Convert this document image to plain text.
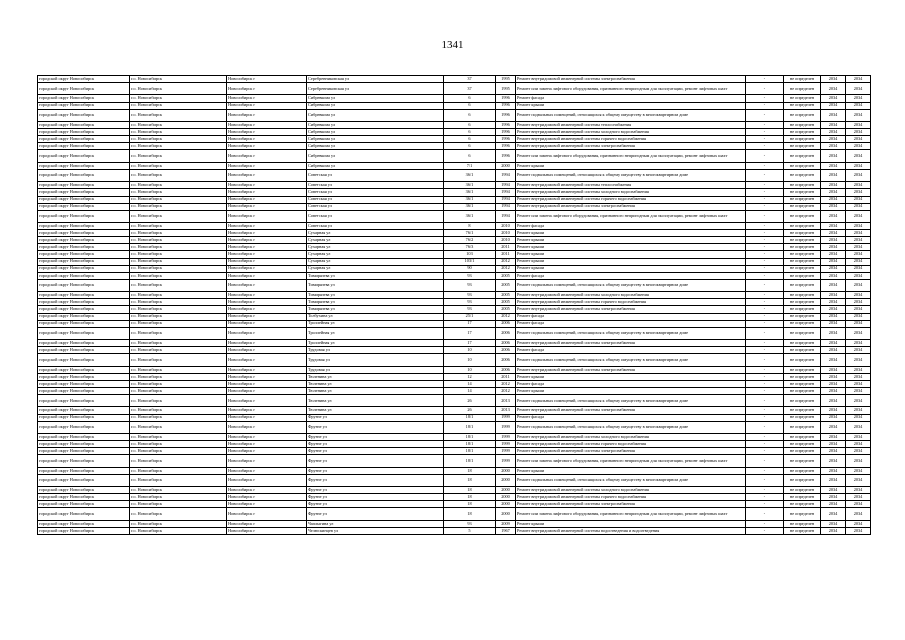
1341
городской округ Новосибирск	г.о. Новосибирск	Новосибирск г	Серебренниковская ул	37	1995	Ремонт внутридомовой инженерной системы электроснабжения	-	не определен	2034	2034
городской округ Новосибирск	г.о. Новосибирск	Новосибирск г	Серебренниковская ул	37	1995	Ремонт или замена лифтового оборудования, признанного непригодным для эксплуатации, ремонт лифтовых шахт	-	не определен	2034	2034
городской округ Новосибирск	г.о. Новосибирск	Новосибирск г	Сибревкома ул	6	1996	Ремонт фасада	-	не определен	2034	2034
городской округ Новосибирск	г.о. Новосибирск	Новосибирск г	Сибревкома ул	6	1996	Ремонт крыши	-	не определен	2034	2034
городской округ Новосибирск	г.о. Новосибирск	Новосибирск г	Сибревкома ул	6	1996	Ремонт подвальных помещений, относящихся к общему имуществу в многоквартирном доме	-	не определен	2034	2034
городской округ Новосибирск	г.о. Новосибирск	Новосибирск г	Сибревкома ул	6	1996	Ремонт внутридомовой инженерной системы теплоснабжения	-	не определен	2034	2034
городской округ Новосибирск	г.о. Новосибирск	Новосибирск г	Сибревкома ул	6	1996	Ремонт внутридомовой инженерной системы холодного водоснабжения	-	не определен	2034	2034
городской округ Новосибирск	г.о. Новосибирск	Новосибирск г	Сибревкома ул	6	1996	Ремонт внутридомовой инженерной системы горячего водоснабжения	-	не определен	2034	2034
городской округ Новосибирск	г.о. Новосибирск	Новосибирск г	Сибревкома ул	6	1996	Ремонт внутридомовой инженерной системы электроснабжения	-	не определен	2034	2034
городской округ Новосибирск	г.о. Новосибирск	Новосибирск г	Сибревкома ул	6	1996	Ремонт или замена лифтового оборудования, признанного непригодным для эксплуатации, ремонт лифтовых шахт	-	не определен	2034	2034
городской округ Новосибирск	г.о. Новосибирск	Новосибирск г	Сибревкома ул	7/1	2000	Ремонт крыши	-	не определен	2034	2034
городской округ Новосибирск	г.о. Новосибирск	Новосибирск г	Советская ул	36/1	1994	Ремонт подвальных помещений, относящихся к общему имуществу в многоквартирном доме	-	не определен	2034	2034
городской округ Новосибирск	г.о. Новосибирск	Новосибирск г	Советская ул	36/1	1994	Ремонт внутридомовой инженерной системы теплоснабжения	-	не определен	2034	2034
городской округ Новосибирск	г.о. Новосибирск	Новосибирск г	Советская ул	36/1	1994	Ремонт внутридомовой инженерной системы холодного водоснабжения	-	не определен	2034	2034
городской округ Новосибирск	г.о. Новосибирск	Новосибирск г	Советская ул	36/1	1994	Ремонт внутридомовой инженерной системы горячего водоснабжения	-	не определен	2034	2034
городской округ Новосибирск	г.о. Новосибирск	Новосибирск г	Советская ул	36/1	1994	Ремонт внутридомовой инженерной системы электроснабжения	-	не определен	2034	2034
городской округ Новосибирск	г.о. Новосибирск	Новосибирск г	Советская ул	36/1	1994	Ремонт или замена лифтового оборудования, признанного непригодным для эксплуатации, ремонт лифтовых шахт	-	не определен	2034	2034
городской округ Новосибирск	г.о. Новосибирск	Новосибирск г	Советская ул	8	2010	Ремонт фасада	-	не определен	2034	2034
городской округ Новосибирск	г.о. Новосибирск	Новосибирск г	Сухарная ул	76/1	2010	Ремонт крыши	-	не определен	2034	2034
городской округ Новосибирск	г.о. Новосибирск	Новосибирск г	Сухарная ул	76/2	2010	Ремонт крыши	-	не определен	2034	2034
городской округ Новосибирск	г.о. Новосибирск	Новосибирск г	Сухарная ул	76/3	2011	Ремонт крыши	-	не определен	2034	2034
городской округ Новосибирск	г.о. Новосибирск	Новосибирск г	Сухарная ул	103	2011	Ремонт крыши	-	не определен	2034	2034
городской округ Новосибирск	г.о. Новосибирск	Новосибирск г	Сухарная ул	103/1	2012	Ремонт крыши	-	не определен	2034	2034
городской округ Новосибирск	г.о. Новосибирск	Новосибирск г	Сухарная ул	90	2012	Ремонт крыши	-	не определен	2034	2034
городской округ Новосибирск	г.о. Новосибирск	Новосибирск г	Тимирязева ул	93	2005	Ремонт фасада	-	не определен	2034	2034
городской округ Новосибирск	г.о. Новосибирск	Новосибирск г	Тимирязева ул	93	2005	Ремонт подвальных помещений, относящихся к общему имуществу в многоквартирном доме	-	не определен	2034	2034
городской округ Новосибирск	г.о. Новосибирск	Новосибирск г	Тимирязева ул	93	2005	Ремонт внутридомовой инженерной системы холодного водоснабжения	-	не определен	2034	2034
городской округ Новосибирск	г.о. Новосибирск	Новосибирск г	Тимирязева ул	93	2005	Ремонт внутридомовой инженерной системы горячего водоснабжения	-	не определен	2034	2034
городской округ Новосибирск	г.о. Новосибирск	Новосибирск г	Тимирязева ул	93	2005	Ремонт внутридомовой инженерной системы электроснабжения	-	не определен	2034	2034
городской округ Новосибирск	г.о. Новосибирск	Новосибирск г	Толбухина ул	25/1	2012	Ремонт фасада	-	не определен	2034	2034
городской округ Новосибирск	г.о. Новосибирск	Новосибирск г	Троллейная ул	17	2006	Ремонт фасада	-	не определен	2034	2034
городской округ Новосибирск	г.о. Новосибирск	Новосибирск г	Троллейная ул	17	2006	Ремонт подвальных помещений, относящихся к общему имуществу в многоквартирном доме	-	не определен	2034	2034
городской округ Новосибирск	г.о. Новосибирск	Новосибирск г	Троллейная ул	17	2006	Ремонт внутридомовой инженерной системы электроснабжения	-	не определен	2034	2034
городской округ Новосибирск	г.о. Новосибирск	Новосибирск г	Трудовая ул	10	2006	Ремонт фасада	-	не определен	2034	2034
городской округ Новосибирск	г.о. Новосибирск	Новосибирск г	Трудовая ул	10	2006	Ремонт подвальных помещений, относящихся к общему имуществу в многоквартирном доме	-	не определен	2034	2034
городской округ Новосибирск	г.о. Новосибирск	Новосибирск г	Трудовая ул	10	2006	Ремонт внутридомовой инженерной системы электроснабжения	-	не определен	2034	2034
городской округ Новосибирск	г.о. Новосибирск	Новосибирск г	Тюленина ул	12	2011	Ремонт крыши	-	не определен	2034	2034
городской округ Новосибирск	г.о. Новосибирск	Новосибирск г	Тюленина ул	14	2012	Ремонт фасада	-	не определен	2034	2034
городской округ Новосибирск	г.о. Новосибирск	Новосибирск г	Тюленина ул	14	2012	Ремонт крыши	-	не определен	2034	2034
городской округ Новосибирск	г.о. Новосибирск	Новосибирск г	Тюленина ул	26	2013	Ремонт подвальных помещений, относящихся к общему имуществу в многоквартирном доме	-	не определен	2034	2034
городской округ Новосибирск	г.о. Новосибирск	Новосибирск г	Тюленина ул	26	2013	Ремонт внутридомовой инженерной системы электроснабжения	-	не определен	2034	2034
городской округ Новосибирск	г.о. Новосибирск	Новосибирск г	Фрунзе ул	18/1	1999	Ремонт фасада	-	не определен	2034	2034
городской округ Новосибирск	г.о. Новосибирск	Новосибирск г	Фрунзе ул	18/1	1999	Ремонт подвальных помещений, относящихся к общему имуществу в многоквартирном доме	-	не определен	2034	2034
городской округ Новосибирск	г.о. Новосибирск	Новосибирск г	Фрунзе ул	18/1	1999	Ремонт внутридомовой инженерной системы холодного водоснабжения	-	не определен	2034	2034
городской округ Новосибирск	г.о. Новосибирск	Новосибирск г	Фрунзе ул	18/1	1999	Ремонт внутридомовой инженерной системы горячего водоснабжения	-	не определен	2034	2034
городской округ Новосибирск	г.о. Новосибирск	Новосибирск г	Фрунзе ул	18/1	1999	Ремонт внутридомовой инженерной системы электроснабжения	-	не определен	2034	2034
городской округ Новосибирск	г.о. Новосибирск	Новосибирск г	Фрунзе ул	18/1	1999	Ремонт или замена лифтового оборудования, признанного непригодным для эксплуатации, ремонт лифтовых шахт	-	не определен	2034	2034
городской округ Новосибирск	г.о. Новосибирск	Новосибирск г	Фрунзе ул	18	2000	Ремонт крыши	-	не определен	2034	2034
городской округ Новосибирск	г.о. Новосибирск	Новосибирск г	Фрунзе ул	18	2000	Ремонт подвальных помещений, относящихся к общему имуществу в многоквартирном доме	-	не определен	2034	2034
городской округ Новосибирск	г.о. Новосибирск	Новосибирск г	Фрунзе ул	18	2000	Ремонт внутридомовой инженерной системы холодного водоснабжения	-	не определен	2034	2034
городской округ Новосибирск	г.о. Новосибирск	Новосибирск г	Фрунзе ул	18	2000	Ремонт внутридомовой инженерной системы горячего водоснабжения	-	не определен	2034	2034
городской округ Новосибирск	г.о. Новосибирск	Новосибирск г	Фрунзе ул	18	2000	Ремонт внутридомовой инженерной системы электроснабжения	-	не определен	2034	2034
городской округ Новосибирск	г.о. Новосибирск	Новосибирск г	Фрунзе ул	18	2000	Ремонт или замена лифтового оборудования, признанного непригодным для эксплуатации, ремонт лифтовых шахт	-	не определен	2034	2034
городской округ Новосибирск	г.о. Новосибирск	Новосибирск г	Чаплыгина ул	93	2009	Ремонт крыши	-	не определен	2034	2034
городской округ Новосибирск	г.о. Новосибирск	Новосибирск г	Челюскинцев ул	5	1967	Ремонт внутридомовой инженерной системы водоотведения и водоотведения	-	не определен	2034	2034
